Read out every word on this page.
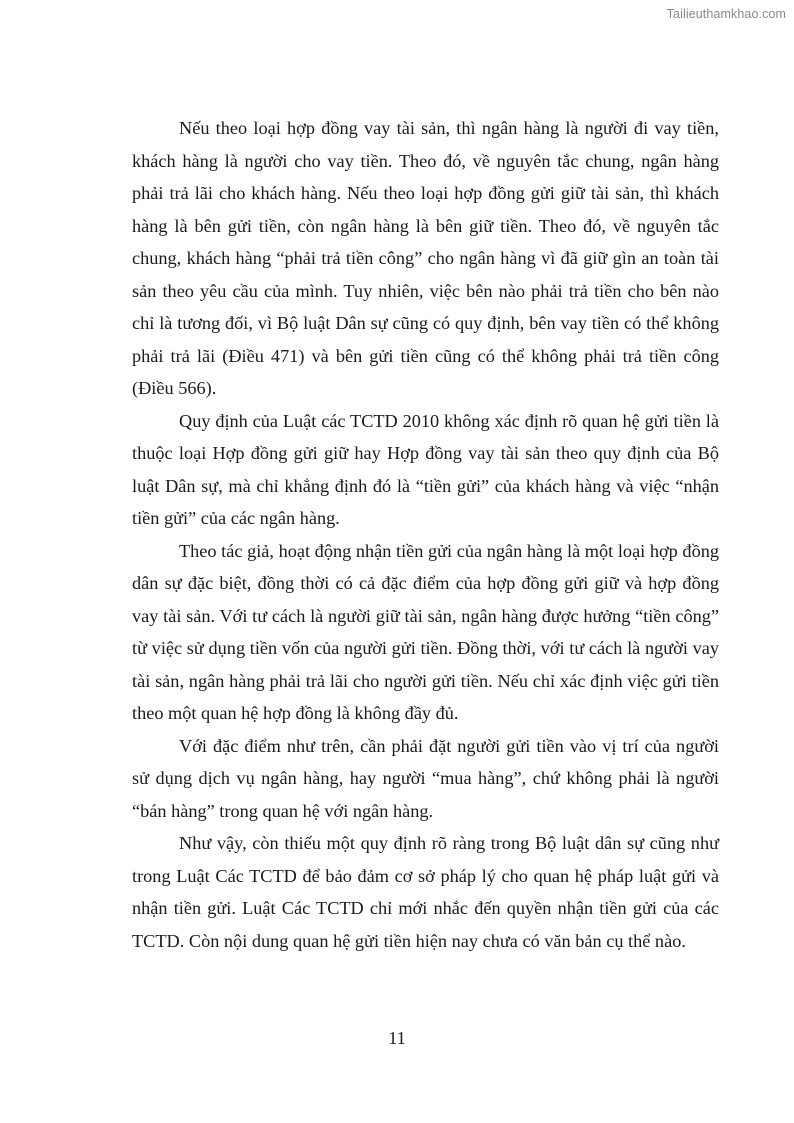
Tailieuthamkhao.com

Nếu theo loại hợp đồng vay tài sản, thì ngân hàng là người đi vay tiền, khách hàng là người cho vay tiền. Theo đó, về nguyên tắc chung, ngân hàng phải trả lãi cho khách hàng. Nếu theo loại hợp đồng gửi giữ tài sản, thì khách hàng là bên gửi tiền, còn ngân hàng là bên giữ tiền. Theo đó, về nguyên tắc chung, khách hàng “phải trả tiền công” cho ngân hàng vì đã giữ gìn an toàn tài sản theo yêu cầu của mình. Tuy nhiên, việc bên nào phải trả tiền cho bên nào chỉ là tương đối, vì Bộ luật Dân sự cũng có quy định, bên vay tiền có thể không phải trả lãi (Điều 471) và bên gửi tiền cũng có thể không phải trả tiền công (Điều 566).

Quy định của Luật các TCTD 2010 không xác định rõ quan hệ gửi tiền là thuộc loại Hợp đồng gửi giữ hay Hợp đồng vay tài sản theo quy định của Bộ luật Dân sự, mà chỉ khẳng định đó là “tiền gửi” của khách hàng và việc “nhận tiền gửi” của các ngân hàng.

Theo tác giả, hoạt động nhận tiền gửi của ngân hàng là một loại hợp đồng dân sự đặc biệt, đồng thời có cả đặc điểm của hợp đồng gửi giữ và hợp đồng vay tài sản. Với tư cách là người giữ tài sản, ngân hàng được hưởng “tiền công” từ việc sử dụng tiền vốn của người gửi tiền. Đồng thời, với tư cách là người vay tài sản, ngân hàng phải trả lãi cho người gửi tiền. Nếu chỉ xác định việc gửi tiền theo một quan hệ hợp đồng là không đầy đủ.

Với đặc điểm như trên, cần phải đặt người gửi tiền vào vị trí của người sử dụng dịch vụ ngân hàng, hay người “mua hàng”, chứ không phải là người “bán hàng” trong quan hệ với ngân hàng.

Như vậy, còn thiếu một quy định rõ ràng trong Bộ luật dân sự cũng như trong Luật Các TCTD để bảo đảm cơ sở pháp lý cho quan hệ pháp luật gửi và nhận tiền gửi. Luật Các TCTD chỉ mới nhắc đến quyền nhận tiền gửi của các TCTD. Còn nội dung quan hệ gửi tiền hiện nay chưa có văn bản cụ thể nào.

11
